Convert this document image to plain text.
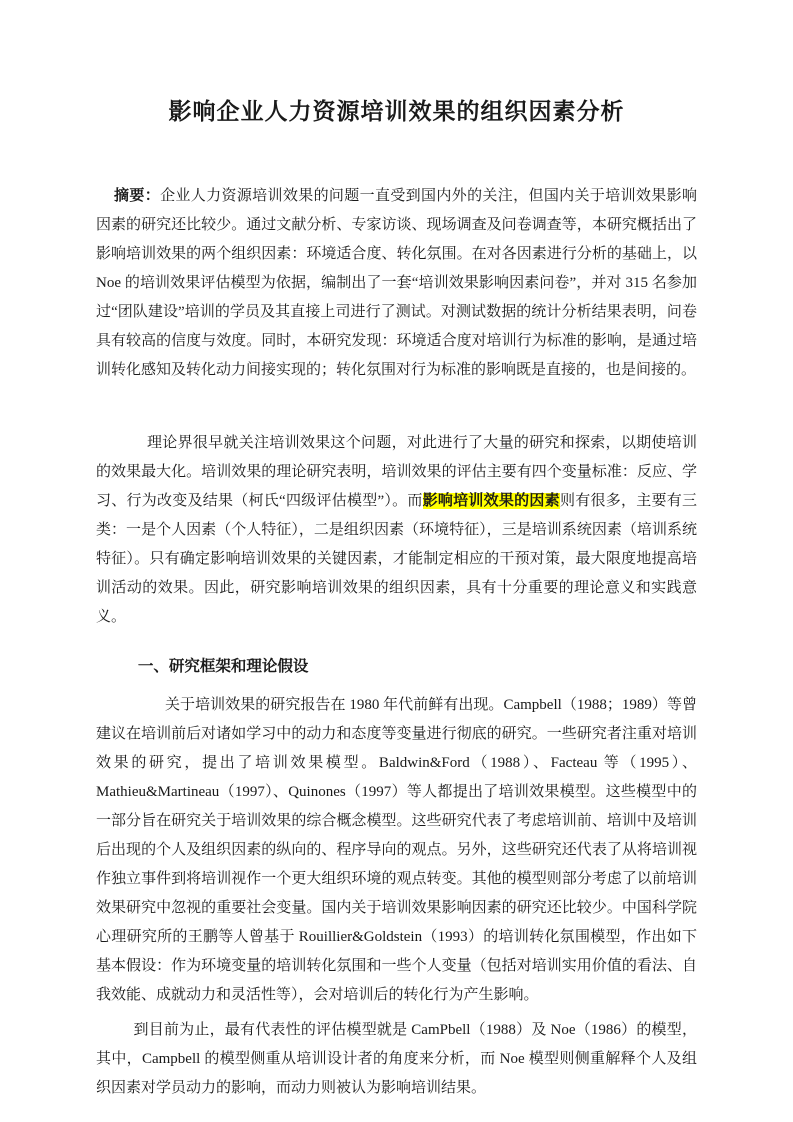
影响企业人力资源培训效果的组织因素分析

摘要：企业人力资源培训效果的问题一直受到国内外的关注，但国内关于培训效果影响因素的研究还比较少。通过文献分析、专家访谈、现场调查及问卷调查等，本研究概括出了影响培训效果的两个组织因素：环境适合度、转化氛围。在对各因素进行分析的基础上，以 Noe 的培训效果评估模型为依据，编制出了一套“培训效果影响因素问卷”，并对 315 名参加过“团队建设”培训的学员及其直接上司进行了测试。对测试数据的统计分析结果表明，问卷具有较高的信度与效度。同时，本研究发现：环境适合度对培训行为标准的影响，是通过培训转化感知及转化动力间接实现的；转化氛围对行为标准的影响既是直接的，也是间接的。

理论界很早就关注培训效果这个问题，对此进行了大量的研究和探索，以期使培训的效果最大化。培训效果的理论研究表明，培训效果的评估主要有四个变量标准：反应、学习、行为改变及结果（柯氏“四级评估模型”）。而影响培训效果的因素则有很多，主要有三类：一是个人因素（个人特征），二是组织因素（环境特征），三是培训系统因素（培训系统特征）。只有确定影响培训效果的关键因素，才能制定相应的干预对策，最大限度地提高培训活动的效果。因此，研究影响培训效果的组织因素，具有十分重要的理论意义和实践意义。

一、研究框架和理论假设

关于培训效果的研究报告在 1980 年代前鲜有出现。Campbell（1988；1989）等曾建议在培训前后对诸如学习中的动力和态度等变量进行彻底的研究。一些研究者注重对培训效果的研究，提出了培训效果模型。Baldwin&Ford（1988）、Facteau 等（1995）、Mathieu&Martineau（1997）、Quinones（1997）等人都提出了培训效果模型。这些模型中的一部分旨在研究关于培训效果的综合概念模型。这些研究代表了考虑培训前、培训中及培训后出现的个人及组织因素的纵向的、程序导向的观点。另外，这些研究还代表了从将培训视作独立事件到将培训视作一个更大组织环境的观点转变。其他的模型则部分考虑了以前培训效果研究中忽视的重要社会变量。国内关于培训效果影响因素的研究还比较少。中国科学院心理研究所的王鹏等人曾基于 Rouillier&Goldstein（1993）的培训转化氛围模型，作出如下基本假设：作为环境变量的培训转化氛围和一些个人变量（包括对培训实用价值的看法、自我效能、成就动力和灵活性等），会对培训后的转化行为产生影响。

到目前为止，最有代表性的评估模型就是 CamPbell（1988）及 Noe（1986）的模型，其中，Campbell 的模型侧重从培训设计者的角度来分析，而 Noe 模型则侧重解释个人及组织因素对学员动力的影响，而动力则被认为影响培训结果。
